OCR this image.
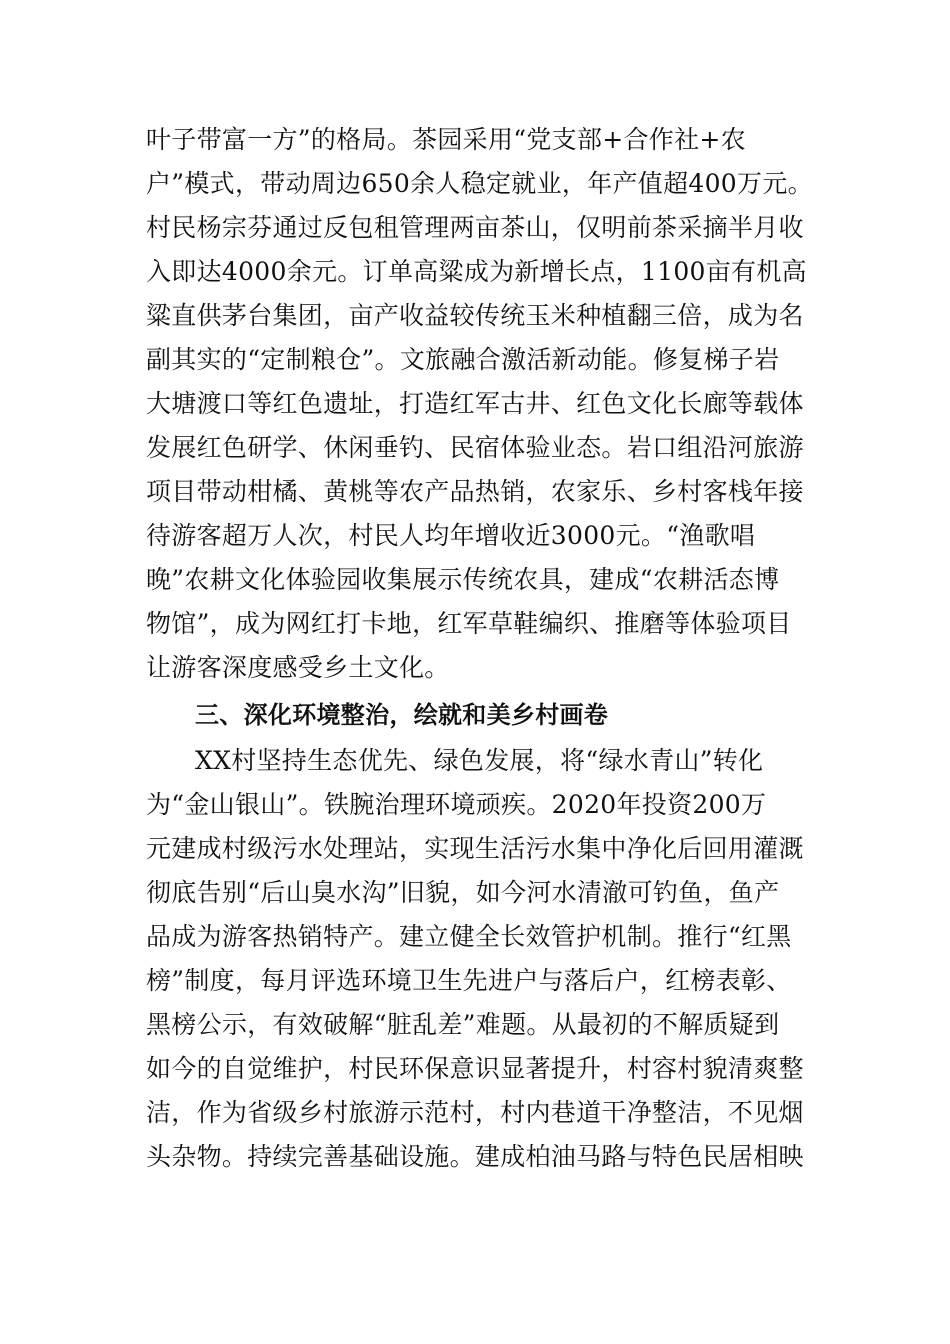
叶子带富一方”的格局。茶园采用“党支部+合作社+农
户”模式，带动周边650余人稳定就业，年产值超400万元。
村民杨宗芬通过反包租管理两亩茶山，仅明前茶采摘半月收
入即达4000余元。订单高粱成为新增长点，1100亩有机高
粱直供茅台集团，亩产收益较传统玉米种植翻三倍，成为名
副其实的“定制粮仓”。文旅融合激活新动能。修复梯子岩
大塘渡口等红色遗址，打造红军古井、红色文化长廊等载体
发展红色研学、休闲垂钓、民宿体验业态。岩口组沿河旅游
项目带动柑橘、黄桃等农产品热销，农家乐、乡村客栈年接
待游客超万人次，村民人均年增收近3000元。“渔歌唱
晚”农耕文化体验园收集展示传统农具，建成“农耕活态博
物馆”，成为网红打卡地，红军草鞋编织、推磨等体验项目
让游客深度感受乡土文化。
三、深化环境整治，绘就和美乡村画卷
XX村坚持生态优先、绿色发展，将“绿水青山”转化
为“金山银山”。铁腕治理环境顽疾。2020年投资200万
元建成村级污水处理站，实现生活污水集中净化后回用灌溉
彻底告别“后山臭水沟”旧貌，如今河水清澈可钓鱼，鱼产
品成为游客热销特产。建立健全长效管护机制。推行“红黑
榜”制度，每月评选环境卫生先进户与落后户，红榜表彰、
黑榜公示，有效破解“脏乱差”难题。从最初的不解质疑到
如今的自觉维护，村民环保意识显著提升，村容村貌清爽整
洁，作为省级乡村旅游示范村，村内巷道干净整洁，不见烟
头杂物。持续完善基础设施。建成柏油马路与特色民居相映
